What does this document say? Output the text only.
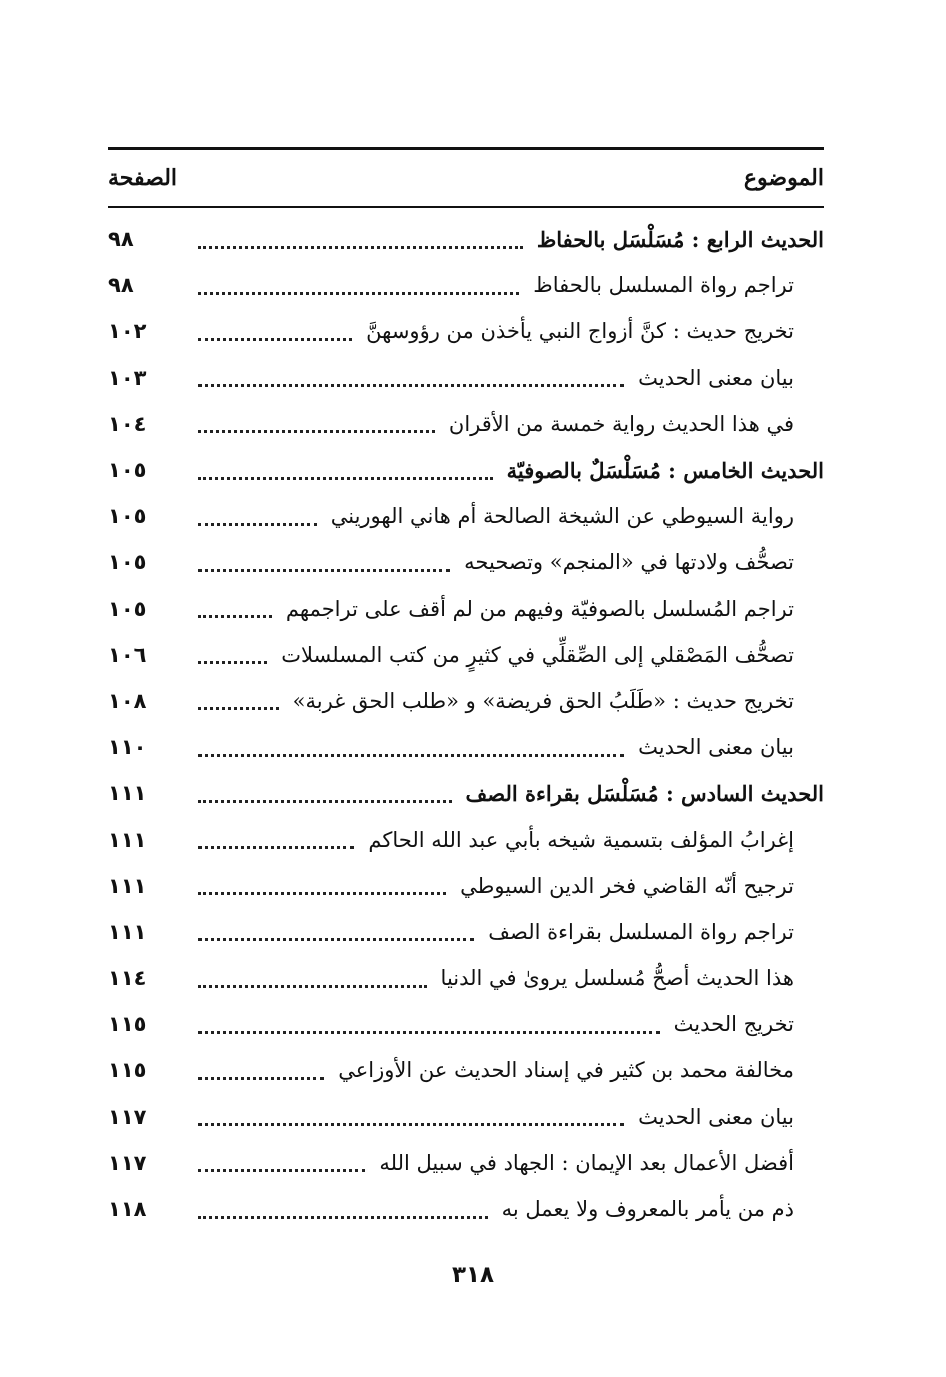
الموضوع
الصفحة
الحديث الرابع : مُسَلْسَل بالحفاظ
٩٨
تراجم رواة المسلسل بالحفاظ
٩٨
تخريج حديث : كنَّ أزواج النبي يأخذن من رؤوسهنَّ
١٠٢
بيان معنى الحديث
١٠٣
في هذا الحديث رواية خمسة من الأقران
١٠٤
الحديث الخامس : مُسَلْسَلٌ بالصوفيّة
١٠٥
رواية السيوطي عن الشيخة الصالحة أم هاني الهوريني
١٠٥
تصحُّف ولادتها في «المنجم» وتصحيحه
١٠٥
تراجم المُسلسل بالصوفيّة وفيهم من لم أقف على تراجمهم
١٠٥
تصحُّف المَصْقلي إلى الصِّقلِّي في كثيرٍ من كتب المسلسلات
١٠٦
تخريج حديث : «طَلَبُ الحق فريضة» و «طلب الحق غربة»
١٠٨
بيان معنى الحديث
١١٠
الحديث السادس : مُسَلْسَل بقراءة الصف
١١١
إغرابُ المؤلف بتسمية شيخه بأبي عبد الله الحاكم
١١١
ترجيح أنّه القاضي فخر الدين السيوطي
١١١
تراجم رواة المسلسل بقراءة الصف
١١١
هذا الحديث أصحُّ مُسلسل يروىٰ في الدنيا
١١٤
تخريج الحديث
١١٥
مخالفة محمد بن كثير في إسناد الحديث عن الأوزاعي
١١٥
بيان معنى الحديث
١١٧
أفضل الأعمال بعد الإيمان : الجهاد في سبيل الله
١١٧
ذم من يأمر بالمعروف ولا يعمل به
١١٨
٣١٨
